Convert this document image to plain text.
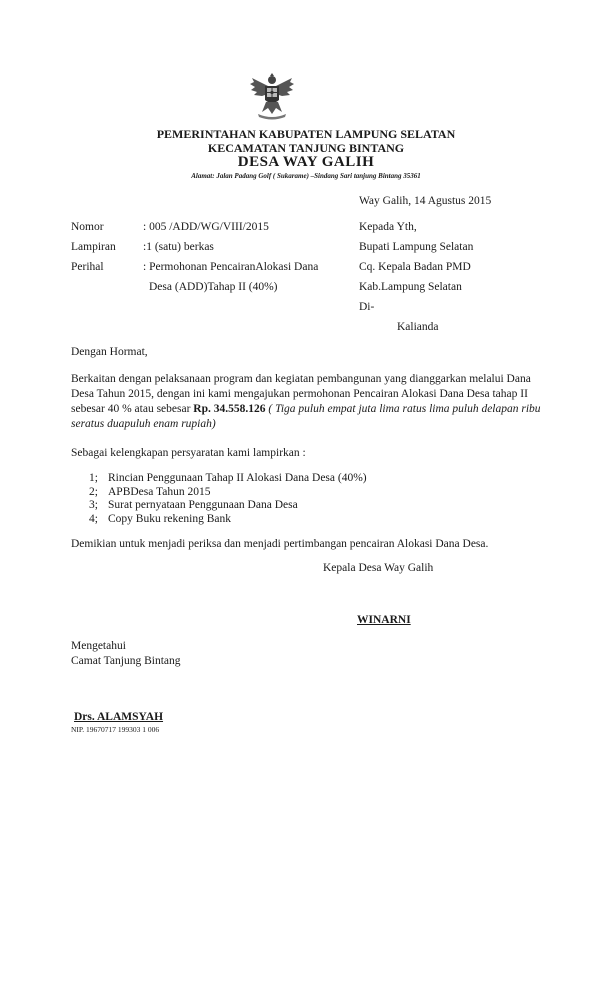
PEMERINTAHAN KABUPATEN LAMPUNG SELATAN
KECAMATAN TANJUNG BINTANG
DESA WAY GALIH
Alamat: Jalan Padang Golf ( Sukarame) –Sindang Sari tanjung Bintang 35361
Way Galih, 14 Agustus 2015
Nomor	: 005 /ADD/WG/VIII/2015
Lampiran :1 (satu) berkas
Perihal	: Permohonan PencairanAlokasi Dana
Desa (ADD)Tahap II (40%)
Kepada Yth,
Bupati Lampung Selatan
Cq. Kepala Badan PMD
Kab.Lampung Selatan
Di-
Kalianda
Dengan Hormat,
Berkaitan dengan pelaksanaan program dan kegiatan pembangunan yang dianggarkan melalui Dana Desa Tahun 2015, dengan ini kami mengajukan permohonan Pencairan Alokasi Dana Desa tahap II sebesar 40 % atau sebesar Rp. 34.558.126 ( Tiga puluh empat juta lima ratus lima puluh delapan ribu seratus duapuluh enam rupiah)
Sebagai kelengkapan persyaratan kami lampirkan :
1; Rincian Penggunaan Tahap II Alokasi Dana Desa (40%)
2; APBDesa Tahun 2015
3; Surat pernyataan Penggunaan Dana Desa
4; Copy Buku rekening Bank
Demikian untuk menjadi periksa dan menjadi pertimbangan pencairan Alokasi Dana Desa.
Kepala Desa Way Galih
WINARNI
Mengetahui
Camat Tanjung Bintang
Drs. ALAMSYAH
NIP. 19670717 199303 1 006
